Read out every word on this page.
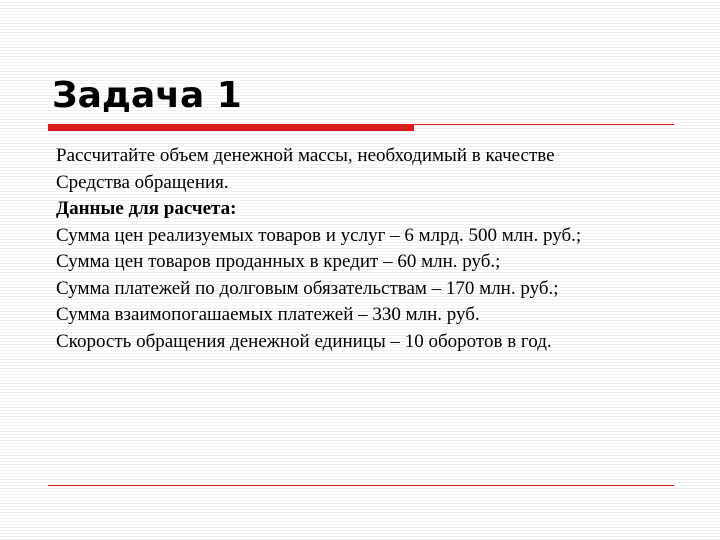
Задача 1
Рассчитайте объем денежной массы, необходимый в качестве
Средства обращения.
Данные для расчета:
Сумма цен реализуемых товаров и услуг – 6 млрд. 500 млн. руб.;
Сумма цен товаров проданных в кредит – 60 млн. руб.;
Сумма платежей по долговым обязательствам – 170 млн. руб.;
Сумма взаимопогашаемых платежей – 330 млн. руб.
Скорость обращения денежной единицы – 10 оборотов в год.
